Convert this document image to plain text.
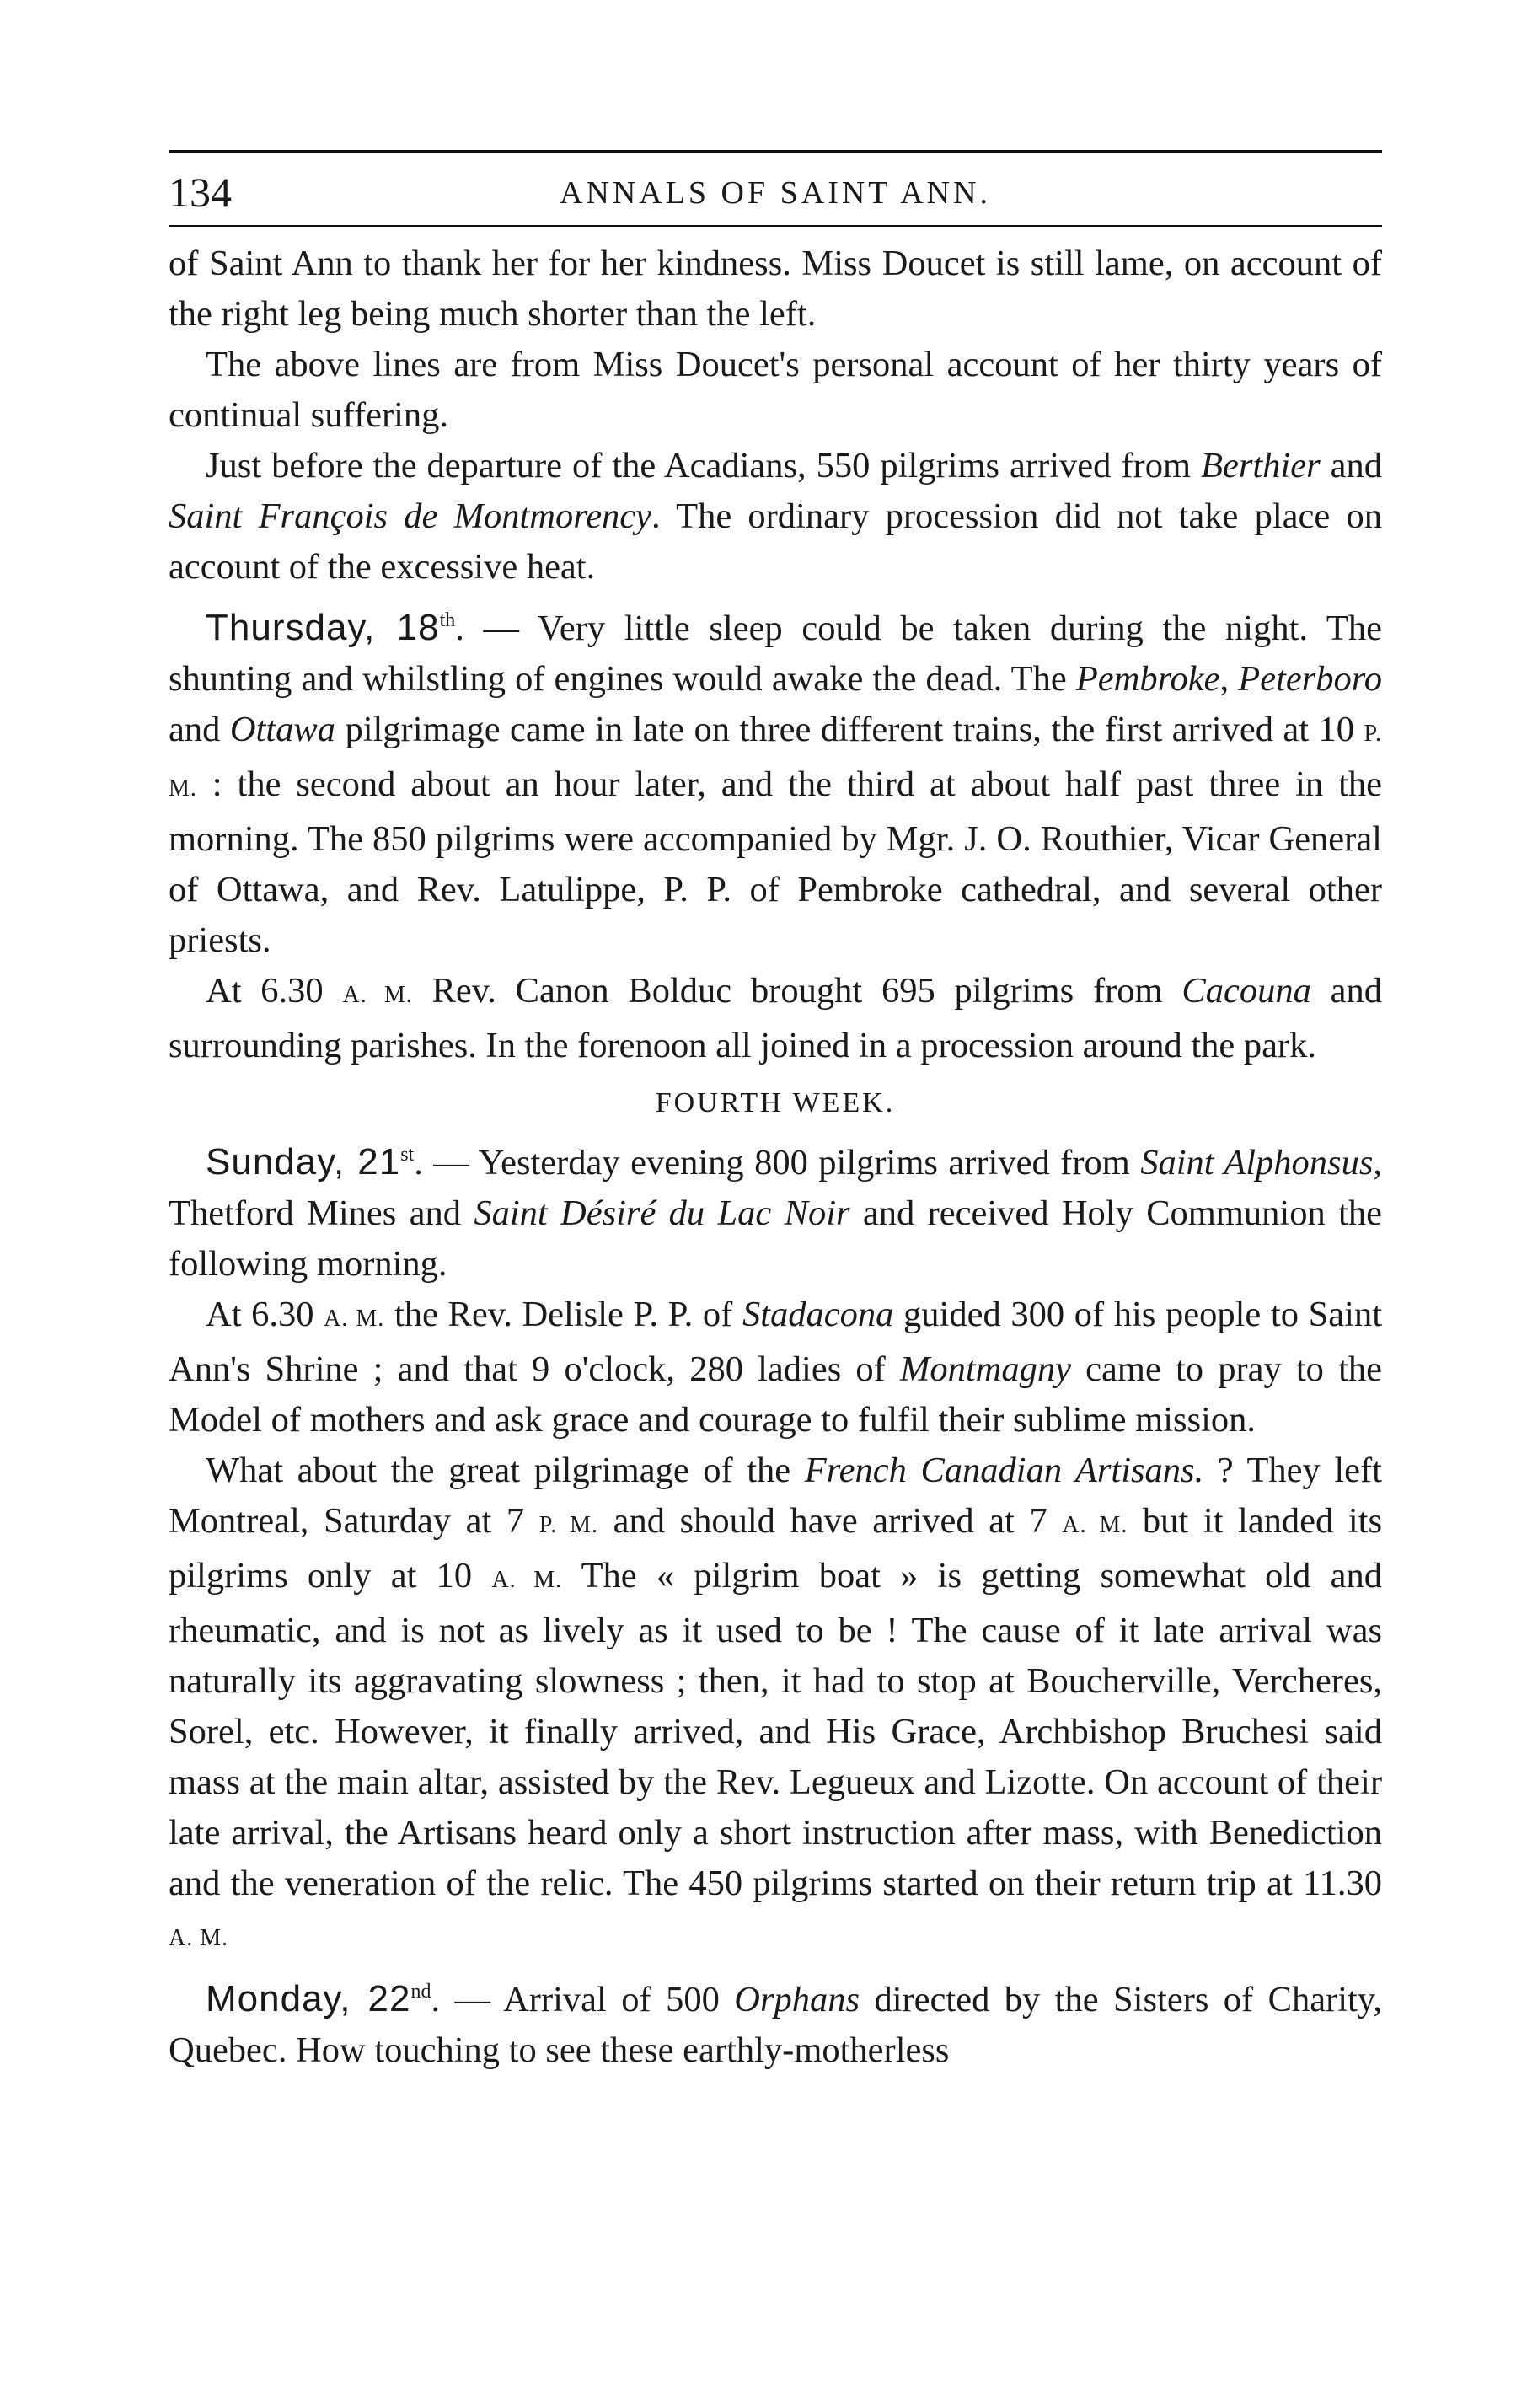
134	ANNALS OF SAINT ANN.

of Saint Ann to thank her for her kindness. Miss Doucet is still lame, on account of the right leg being much shorter than the left.

The above lines are from Miss Doucet's personal account of her thirty years of continual suffering.

Just before the departure of the Acadians, 550 pilgrims arrived from Berthier and Saint François de Montmorency. The ordinary procession did not take place on account of the excessive heat.

Thursday, 18th. — Very little sleep could be taken during the night. The shunting and whilstling of engines would awake the dead. The Pembroke, Peterboro and Ottawa pilgrimage came in late on three different trains, the first arrived at 10 P. M. : the second about an hour later, and the third at about half past three in the morning. The 850 pilgrims were accompanied by Mgr. J. O. Routhier, Vicar General of Ottawa, and Rev. Latulippe, P. P. of Pembroke cathedral, and several other priests.

At 6.30 A. M. Rev. Canon Bolduc brought 695 pilgrims from Cacouna and surrounding parishes. In the forenoon all joined in a procession around the park.

FOURTH WEEK.

Sunday, 21st. — Yesterday evening 800 pilgrims arrived from Saint Alphonsus, Thetford Mines and Saint Désiré du Lac Noir and received Holy Communion the following morning.

At 6.30 A. M. the Rev. Delisle P. P. of Stadacona guided 300 of his people to Saint Ann's Shrine ; and that 9 o'clock, 280 ladies of Montmagny came to pray to the Model of mothers and ask grace and courage to fulfil their sublime mission.

What about the great pilgrimage of the French Canadian Artisans. ? They left Montreal, Saturday at 7 P. M. and should have arrived at 7 A. M. but it landed its pilgrims only at 10 A. M. The « pilgrim boat » is getting somewhat old and rheumatic, and is not as lively as it used to be ! The cause of it late arrival was naturally its aggravating slowness ; then, it had to stop at Boucherville, Vercheres, Sorel, etc. However, it finally arrived, and His Grace, Archbishop Bruchesi said mass at the main altar, assisted by the Rev. Legueux and Lizotte. On account of their late arrival, the Artisans heard only a short instruction after mass, with Benediction and the veneration of the relic. The 450 pilgrims started on their return trip at 11.30 A. M.

Monday, 22nd. — Arrival of 500 Orphans directed by the Sisters of Charity, Quebec. How touching to see these earthly-motherless
